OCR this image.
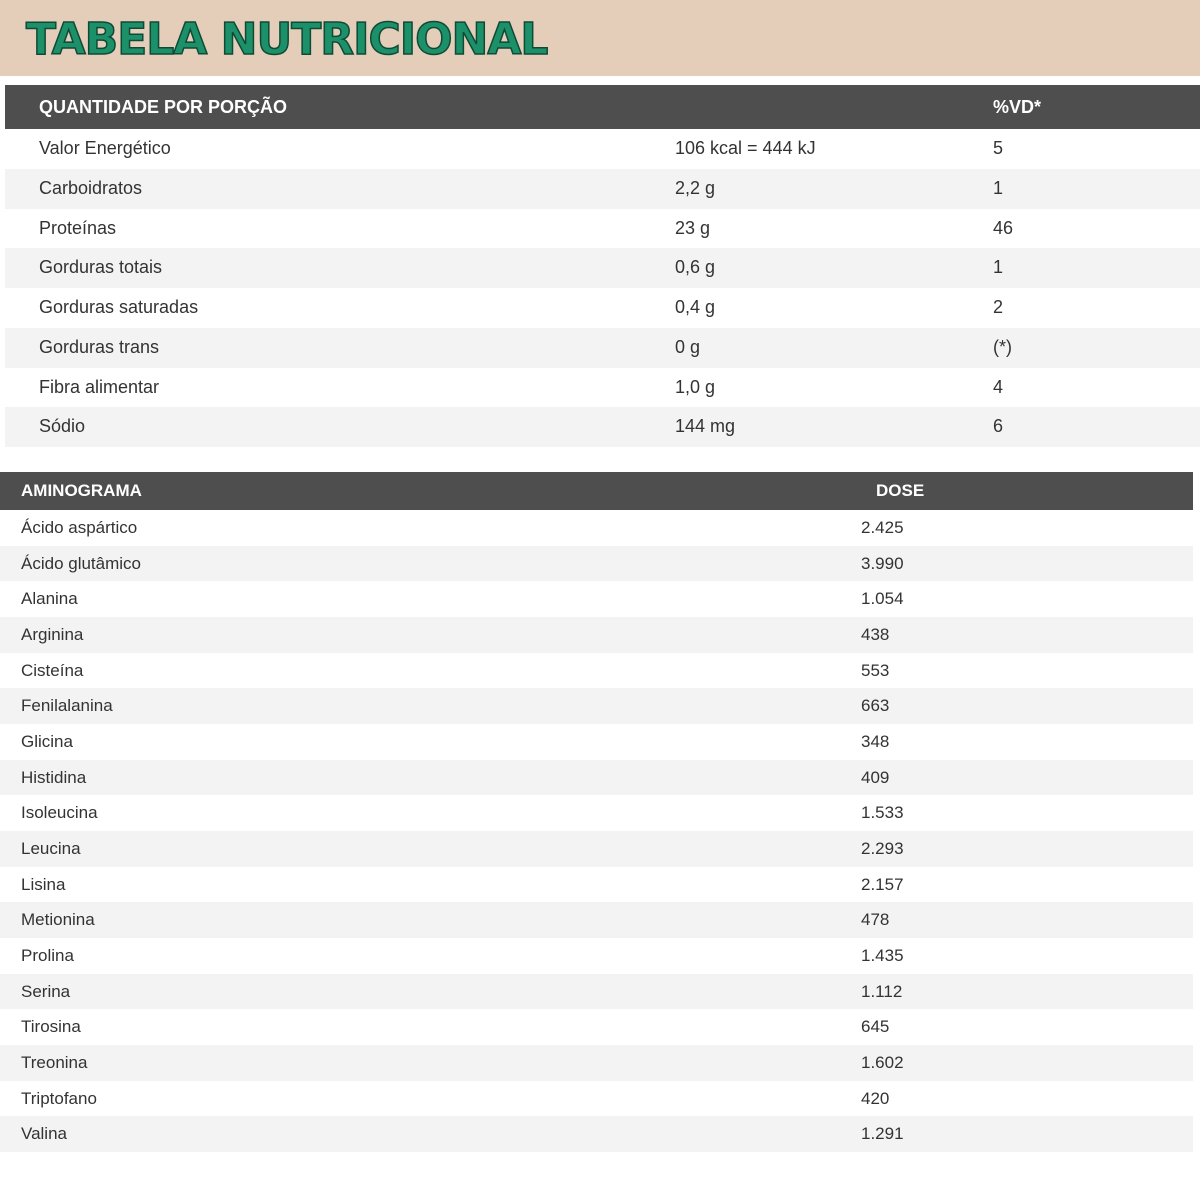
TABELA NUTRICIONAL
QUANTIDADE POR PORÇÃO	%VD*
Valor Energético	106 kcal = 444 kJ	5
Carboidratos	2,2 g	1
Proteínas	23 g	46
Gorduras totais	0,6 g	1
Gorduras saturadas	0,4 g	2
Gorduras trans	0 g	(*)
Fibra alimentar	1,0 g	4
Sódio	144 mg	6
AMINOGRAMA	DOSE
Ácido aspártico	2.425
Ácido glutâmico	3.990
Alanina	1.054
Arginina	438
Cisteína	553
Fenilalanina	663
Glicina	348
Histidina	409
Isoleucina	1.533
Leucina	2.293
Lisina	2.157
Metionina	478
Prolina	1.435
Serina	1.112
Tirosina	645
Treonina	1.602
Triptofano	420
Valina	1.291
